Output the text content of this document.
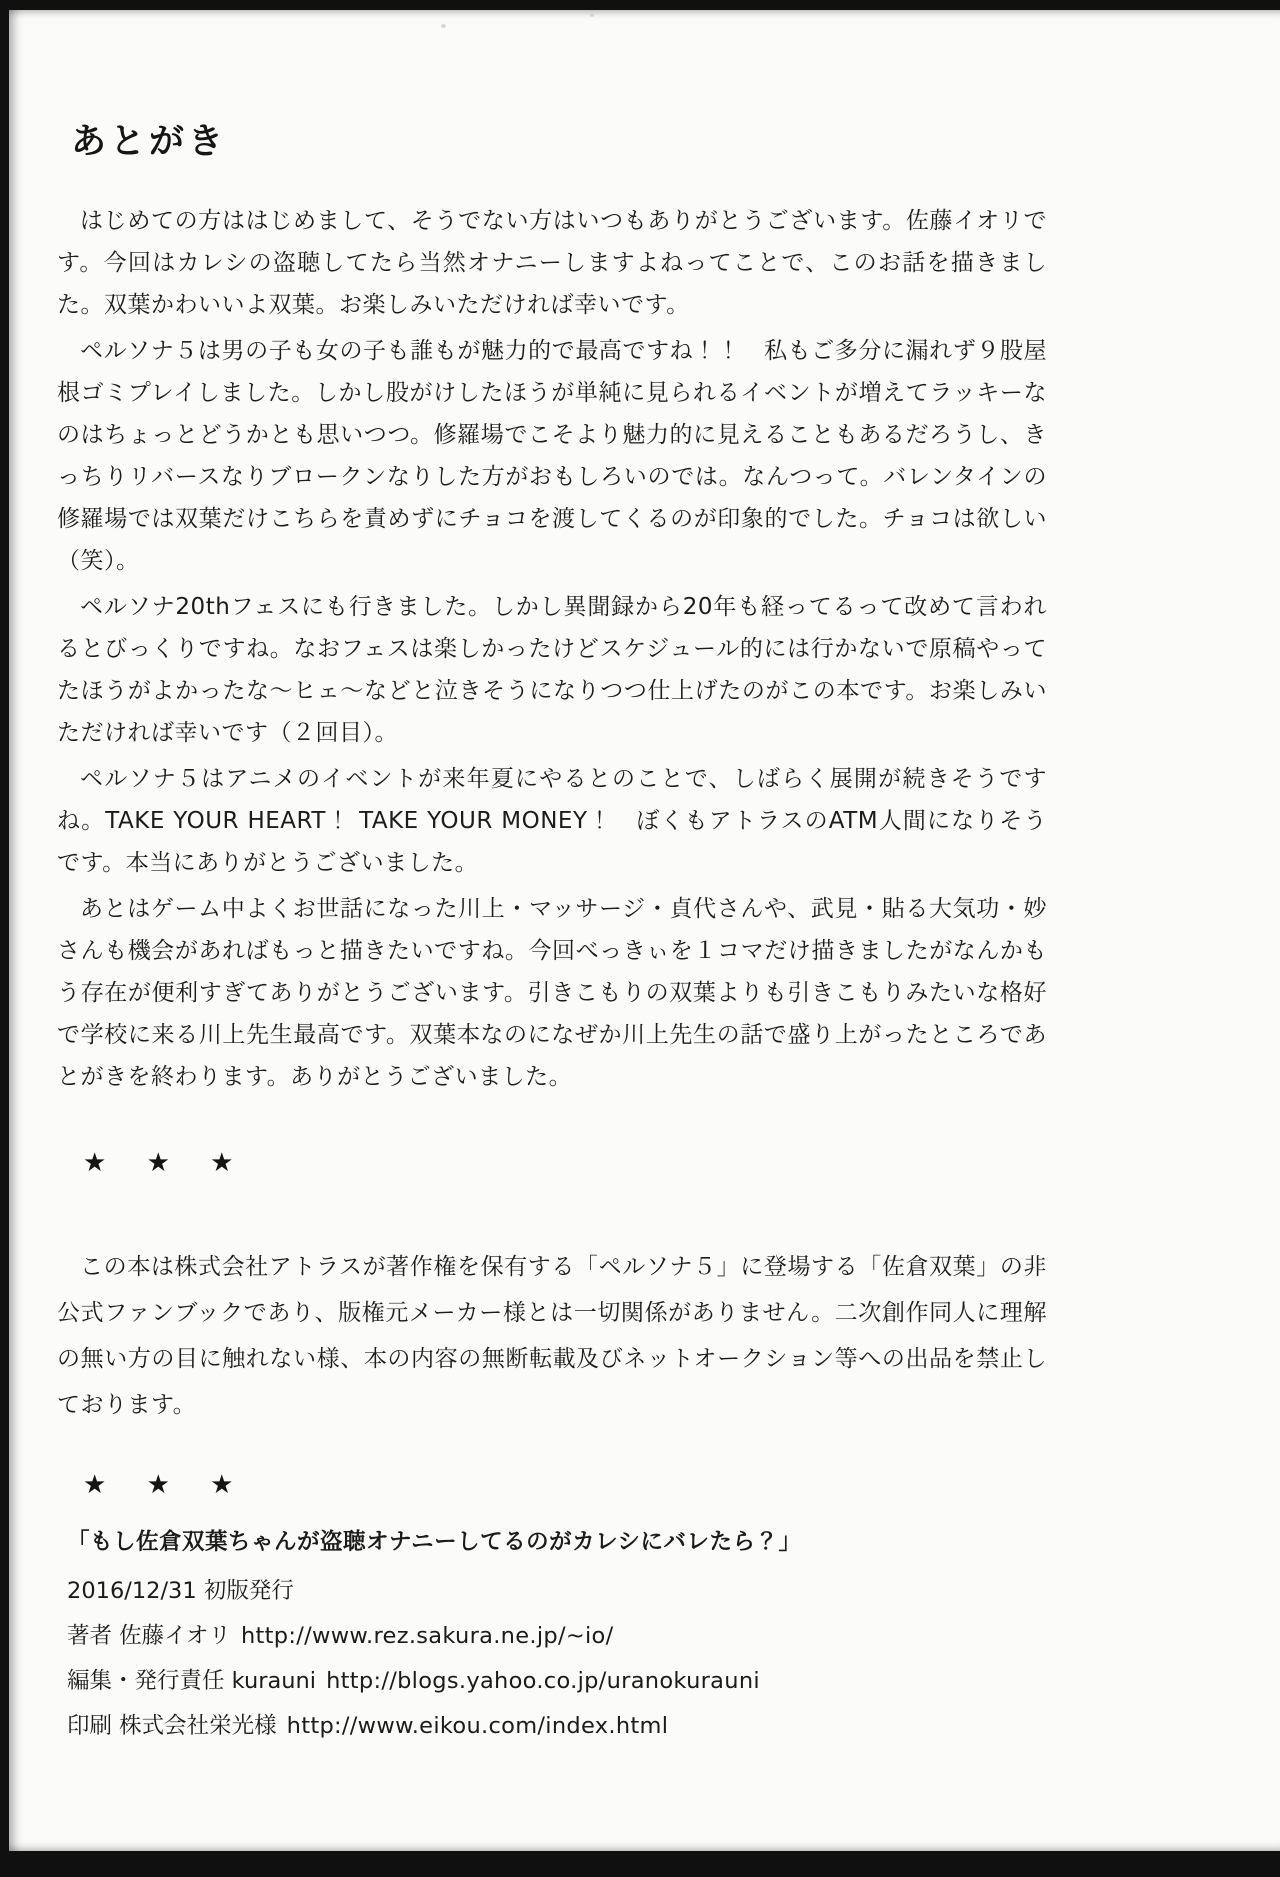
あとがき

はじめての方ははじめまして、そうでない方はいつもありがとうございます。佐藤イオリです。今回はカレシの盗聴してたら当然オナニーしますよねってことで、このお話を描きました。双葉かわいいよ双葉。お楽しみいただければ幸いです。

ペルソナ５は男の子も女の子も誰もが魅力的で最高ですね！！　私もご多分に漏れず９股屋根ゴミプレイしました。しかし股がけしたほうが単純に見られるイベントが増えてラッキーなのはちょっとどうかとも思いつつ。修羅場でこそより魅力的に見えることもあるだろうし、きっちりリバースなりブロークンなりした方がおもしろいのでは。なんつって。バレンタインの修羅場では双葉だけこちらを責めずにチョコを渡してくるのが印象的でした。チョコは欲しい（笑）。

ペルソナ20thフェスにも行きました。しかし異聞録から20年も経ってるって改めて言われるとびっくりですね。なおフェスは楽しかったけどスケジュール的には行かないで原稿やってたほうがよかったな〜ヒェ〜などと泣きそうになりつつ仕上げたのがこの本です。お楽しみいただければ幸いです（２回目）。

ペルソナ５はアニメのイベントが来年夏にやるとのことで、しばらく展開が続きそうですね。TAKE YOUR HEART！ TAKE YOUR MONEY！　ぼくもアトラスのATM人間になりそうです。本当にありがとうございました。

あとはゲーム中よくお世話になった川上・マッサージ・貞代さんや、武見・貼る大気功・妙さんも機会があればもっと描きたいですね。今回べっきぃを１コマだけ描きましたがなんかもう存在が便利すぎてありがとうございます。引きこもりの双葉よりも引きこもりみたいな格好で学校に来る川上先生最高です。双葉本なのになぜか川上先生の話で盛り上がったところであとがきを終わります。ありがとうございました。

★ ★ ★

この本は株式会社アトラスが著作権を保有する「ペルソナ５」に登場する「佐倉双葉」の非公式ファンブックであり、版権元メーカー様とは一切関係がありません。二次創作同人に理解の無い方の目に触れない様、本の内容の無断転載及びネットオークション等への出品を禁止しております。

★ ★ ★

「もし佐倉双葉ちゃんが盗聴オナニーしてるのがカレシにバレたら？」

2016/12/31 初版発行

著者 佐藤イオリ http://www.rez.sakura.ne.jp/~io/

編集・発行責任 kurauni http://blogs.yahoo.co.jp/uranokurauni

印刷 株式会社栄光様 http://www.eikou.com/index.html
